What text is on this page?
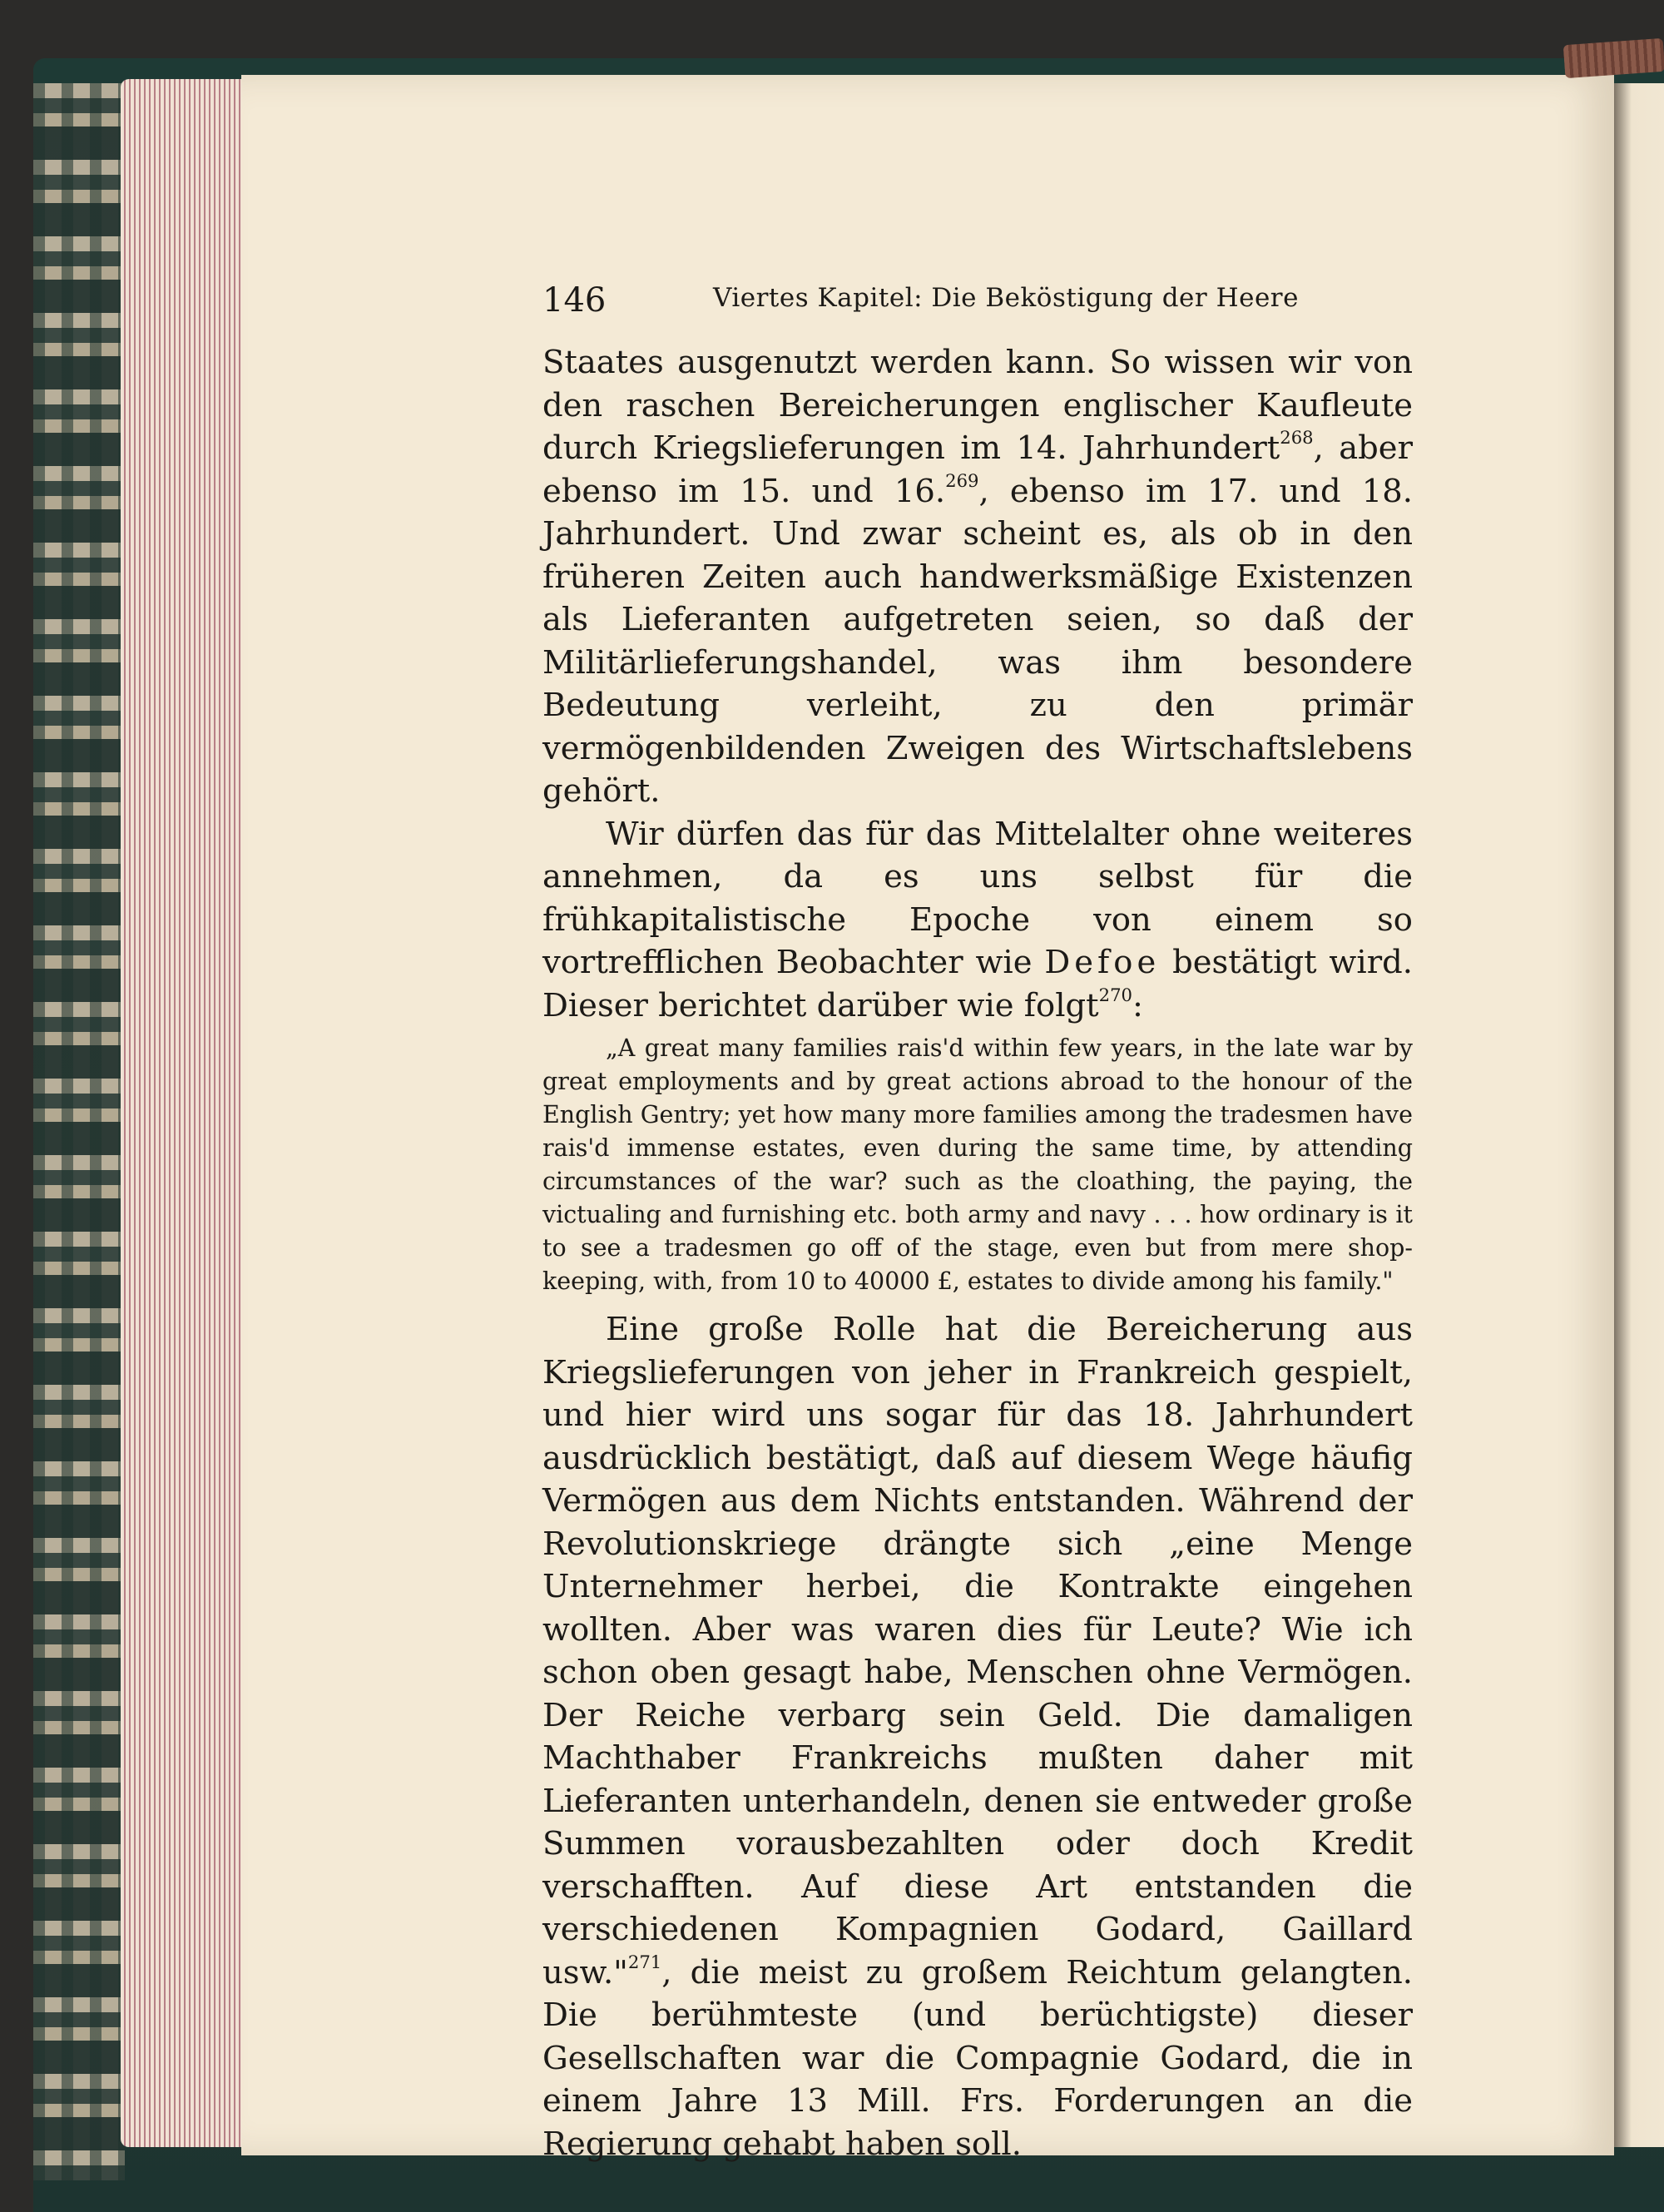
146	Viertes Kapitel: Die Beköstigung der Heere

Staates ausgenutzt werden kann. So wissen wir von den raschen Bereicherungen englischer Kaufleute durch Kriegslieferungen im 14. Jahrhundert$^{268}$, aber ebenso im 15. und 16.$^{269}$, ebenso im 17. und 18. Jahrhundert. Und zwar scheint es, als ob in den früheren Zeiten auch handwerksmäßige Existenzen als Lieferanten aufgetreten seien, so daß der Militärlieferungshandel, was ihm besondere Bedeutung verleiht, zu den primär vermögenbildenden Zweigen des Wirtschaftslebens gehört.

Wir dürfen das für das Mittelalter ohne weiteres annehmen, da es uns selbst für die frühkapitalistische Epoche von einem so vortrefflichen Beobachter wie Defoe bestätigt wird. Dieser berichtet darüber wie folgt$^{270}$:

„A great many families rais'd within few years, in the late war by great employments and by great actions abroad to the honour of the English Gentry; yet how many more families among the tradesmen have rais'd immense estates, even during the same time, by attending circumstances of the war? such as the cloathing, the paying, the victualing and furnishing etc. both army and navy . . . how ordinary is it to see a tradesmen go off of the stage, even but from mere shop-keeping, with, from 10 to 40000 £, estates to divide among his family."

Eine große Rolle hat die Bereicherung aus Kriegslieferungen von jeher in Frankreich gespielt, und hier wird uns sogar für das 18. Jahrhundert ausdrücklich bestätigt, daß auf diesem Wege häufig Vermögen aus dem Nichts entstanden. Während der Revolutionskriege drängte sich „eine Menge Unternehmer herbei, die Kontrakte eingehen wollten. Aber was waren dies für Leute? Wie ich schon oben gesagt habe, Menschen ohne Vermögen. Der Reiche verbarg sein Geld. Die damaligen Machthaber Frankreichs mußten daher mit Lieferanten unterhandeln, denen sie entweder große Summen vorausbezahlten oder doch Kredit verschafften. Auf diese Art entstanden die verschiedenen Kompagnien Godard, Gaillard usw."$^{271}$, die meist zu großem Reichtum gelangten. Die berühmteste (und berüchtigste) dieser Gesellschaften war die Compagnie Godard, die in einem Jahre 13 Mill. Frs. Forderungen an die Regierung gehabt haben soll.
